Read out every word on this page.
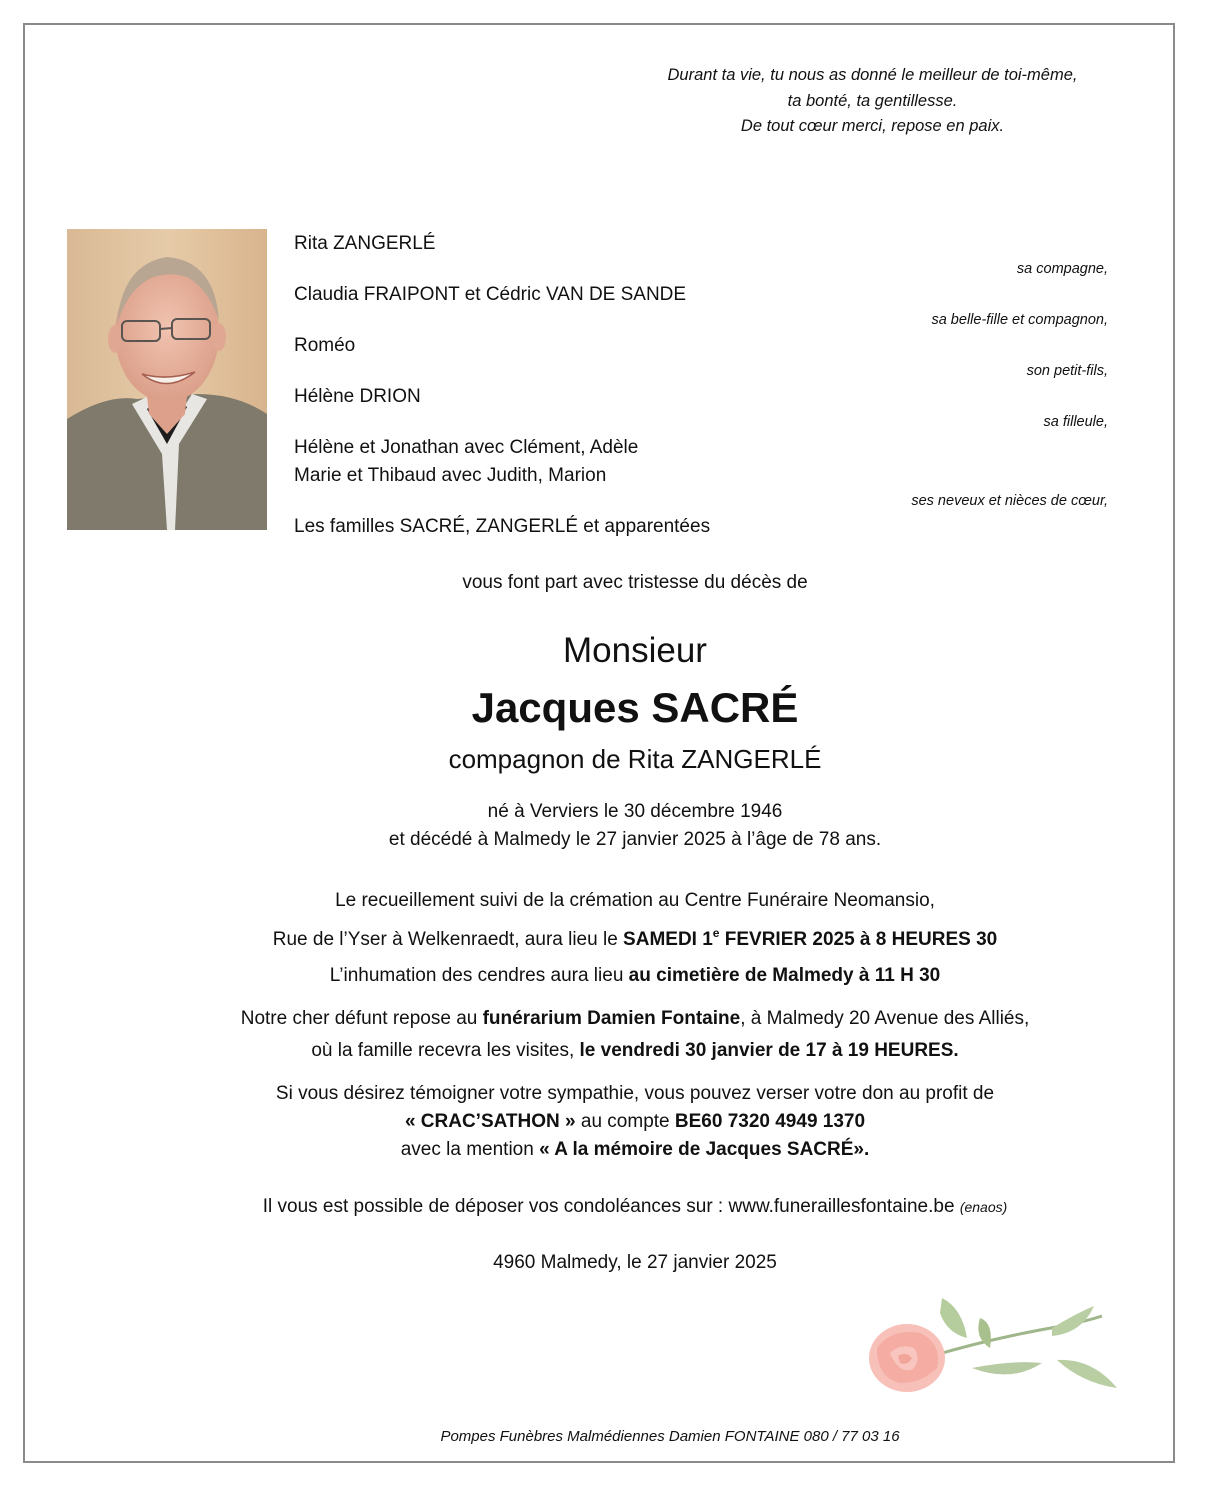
Durant ta vie, tu nous as donné le meilleur de toi-même,
ta bonté, ta gentillesse.
De tout cœur merci, repose en paix.
Rita ZANGERLÉ
sa compagne,
Claudia FRAIPONT et Cédric VAN DE SANDE
sa belle-fille et compagnon,
Roméo
son petit-fils,
Hélène DRION
sa filleule,
Hélène et Jonathan avec Clément, Adèle
Marie et Thibaud avec Judith, Marion
ses neveux et nièces de cœur,
Les familles SACRÉ, ZANGERLÉ et apparentées
vous font part avec tristesse du décès de
Monsieur
Jacques SACRÉ
compagnon de Rita ZANGERLÉ
né à Verviers le 30 décembre 1946
et décédé à Malmedy le 27 janvier 2025 à l’âge de 78 ans.
Le recueillement suivi de la crémation au Centre Funéraire Neomansio,
Rue de l’Yser à Welkenraedt, aura lieu le SAMEDI 1e FEVRIER 2025 à 8 HEURES 30
L’inhumation des cendres aura lieu au cimetière de Malmedy à 11 H 30
Notre cher défunt repose au funérarium Damien Fontaine, à Malmedy 20 Avenue des Alliés,
où la famille recevra les visites, le vendredi 30 janvier de 17 à 19 HEURES.
Si vous désirez témoigner votre sympathie, vous pouvez verser votre don au profit de
« CRAC’SATHON » au compte BE60 7320 4949 1370
avec la mention « A la mémoire de Jacques SACRÉ».
Il vous est possible de déposer vos condoléances sur : www.funeraillesfontaine.be (enaos)
4960 Malmedy, le 27 janvier 2025
Pompes Funèbres Malmédiennes Damien FONTAINE 080 / 77 03 16
